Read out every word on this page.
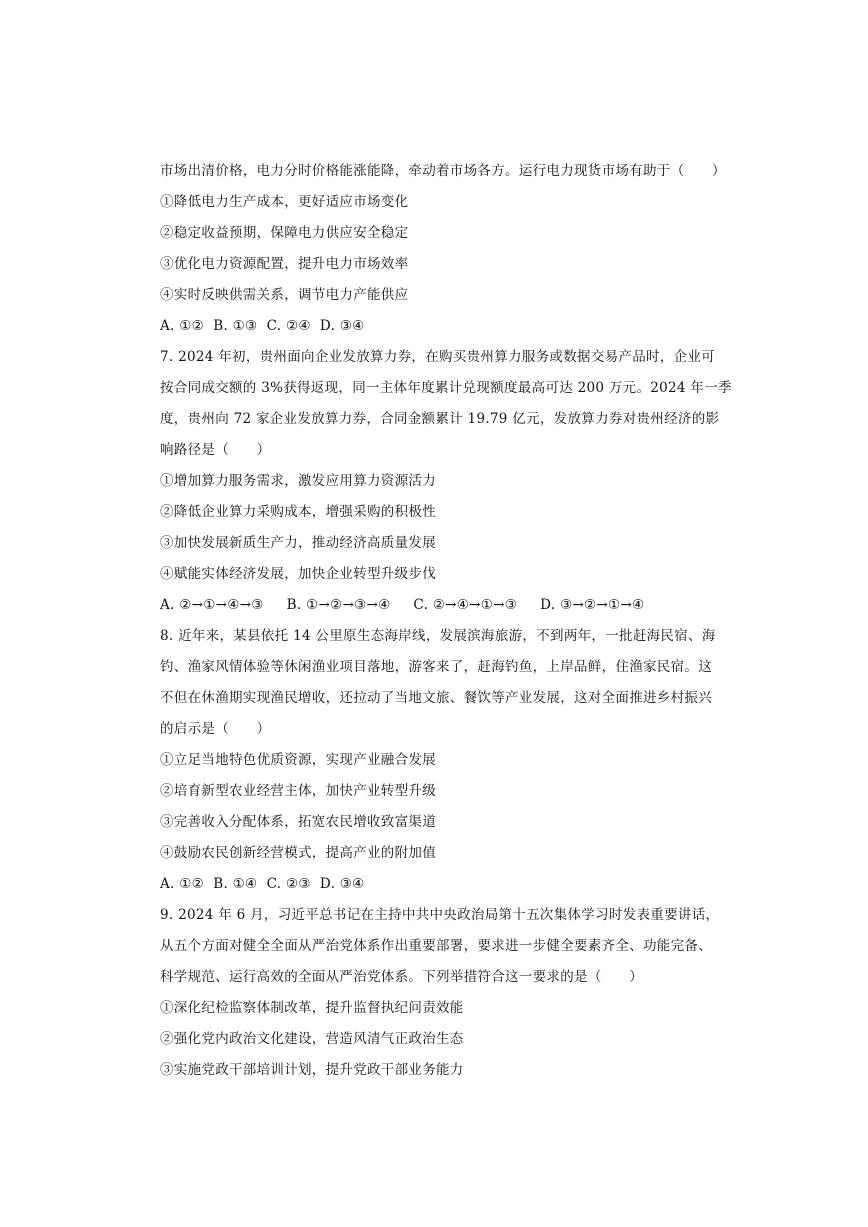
市场出清价格，电力分时价格能涨能降，牵动着市场各方。运行电力现货市场有助于（　　）
①降低电力生产成本，更好适应市场变化
②稳定收益预期，保障电力供应安全稳定
③优化电力资源配置，提升电力市场效率
④实时反映供需关系，调节电力产能供应
A. ①②  B. ①③  C. ②④  D. ③④
7. 2024 年初，贵州面向企业发放算力券，在购买贵州算力服务或数据交易产品时，企业可
按合同成交额的 3%获得返现，同一主体年度累计兑现额度最高可达 200 万元。2024 年一季
度，贵州向 72 家企业发放算力券，合同金额累计 19.79 亿元，发放算力券对贵州经济的影
响路径是（　　）
①增加算力服务需求，激发应用算力资源活力
②降低企业算力采购成本，增强采购的积极性
③加快发展新质生产力，推动经济高质量发展
④赋能实体经济发展，加快企业转型升级步伐
A. ②→①→④→③     B. ①→②→③→④     C. ②→④→①→③     D. ③→②→①→④
8. 近年来，某县依托 14 公里原生态海岸线，发展滨海旅游，不到两年，一批赶海民宿、海
钓、渔家风情体验等休闲渔业项目落地，游客来了，赶海钓鱼，上岸品鲜，住渔家民宿。这
不但在休渔期实现渔民增收，还拉动了当地文旅、餐饮等产业发展，这对全面推进乡村振兴
的启示是（　　）
①立足当地特色优质资源，实现产业融合发展
②培育新型农业经营主体，加快产业转型升级
③完善收入分配体系，拓宽农民增收致富渠道
④鼓励农民创新经营模式，提高产业的附加值
A. ①②  B. ①④  C. ②③  D. ③④
9. 2024 年 6 月，习近平总书记在主持中共中央政治局第十五次集体学习时发表重要讲话，
从五个方面对健全全面从严治党体系作出重要部署，要求进一步健全要素齐全、功能完备、
科学规范、运行高效的全面从严治党体系。下列举措符合这一要求的是（　　）
①深化纪检监察体制改革，提升监督执纪问责效能
②强化党内政治文化建设，营造风清气正政治生态
③实施党政干部培训计划，提升党政干部业务能力
